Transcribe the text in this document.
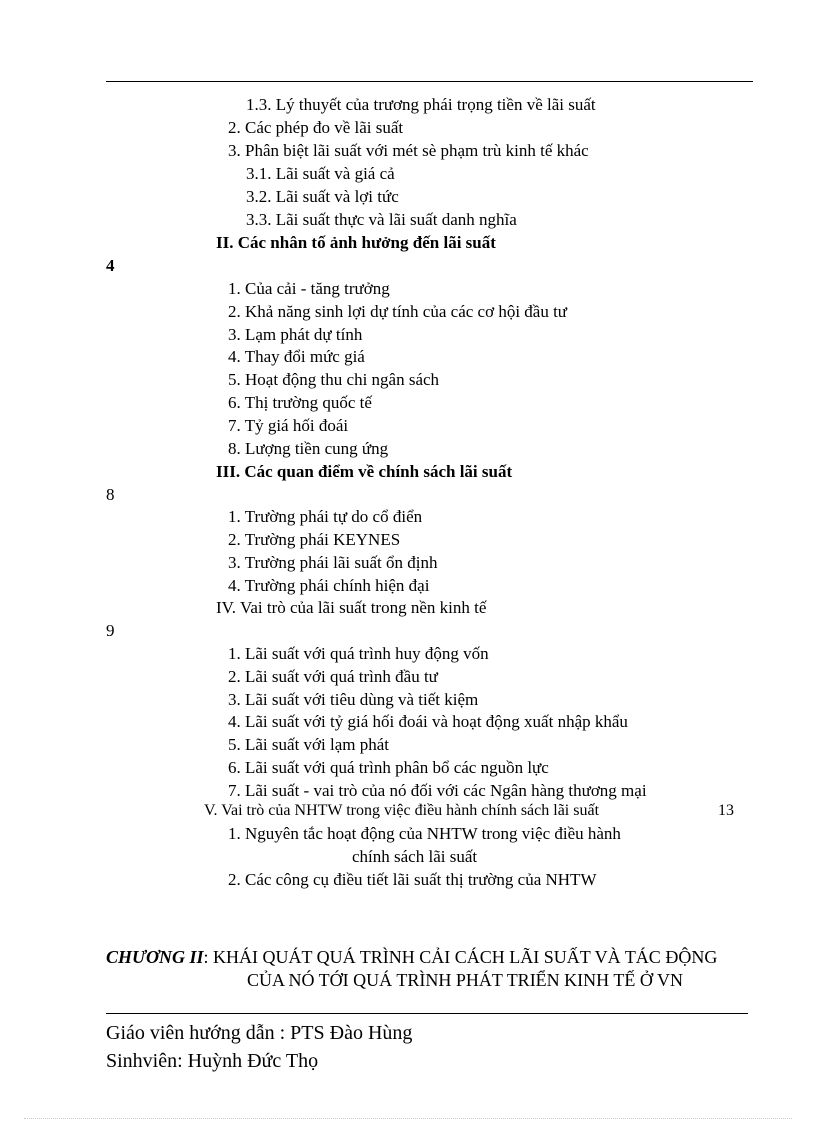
1.3. Lý thuyết của trương phái trọng tiền về lãi suất
2. Các phép đo về lãi suất
3. Phân biệt lãi suất với mét sè phạm trù kinh tế khác
3.1. Lãi suất và giá cả
3.2. Lãi suất và lợi tức
3.3. Lãi suất thực và lãi suất danh nghĩa
II. Các nhân tố ảnh hưởng đến lãi suất
4
1. Của cải - tăng trưởng
2. Khả năng sinh lợi dự tính của các cơ hội đầu tư
3. Lạm phát dự tính
4. Thay đổi mức giá
5. Hoạt động thu chi ngân sách
6. Thị trường quốc tế
7. Tỷ giá hối đoái
8. Lượng tiền cung ứng
III. Các quan điểm về chính sách lãi suất
8
1. Trường phái tự do cổ điển
2. Trường phái KEYNES
3. Trường phái lãi suất ổn định
4. Trường phái chính hiện đại
IV. Vai trò của lãi suất trong nền kinh tế
9
1. Lãi suất với quá trình huy động vốn
2. Lãi suất với quá trình đầu tư
3. Lãi suất với tiêu dùng và tiết kiệm
4. Lãi suất với tỷ giá hối đoái và hoạt động xuất nhập khẩu
5. Lãi suất với lạm phát
6. Lãi suất với quá trình phân bổ các nguồn lực
7. Lãi suất - vai trò của nó đối với các Ngân hàng thương mại
V. Vai trò của NHTW trong việc điều hành chính sách lãi suất	13
1. Nguyên tắc hoạt động của NHTW trong việc điều hành
chính sách lãi suất
2. Các công cụ điều tiết lãi suất thị trường của NHTW
CHƯƠNG II: KHÁI QUÁT QUÁ TRÌNH CẢI CÁCH LÃI SUẤT VÀ TÁC ĐỘNG
CỦA NÓ TỚI QUÁ TRÌNH PHÁT TRIỂN KINH TẾ Ở VN
Giáo viên hướng dẫn : PTS Đào Hùng
Sinhviên: Huỳnh Đức Thọ
